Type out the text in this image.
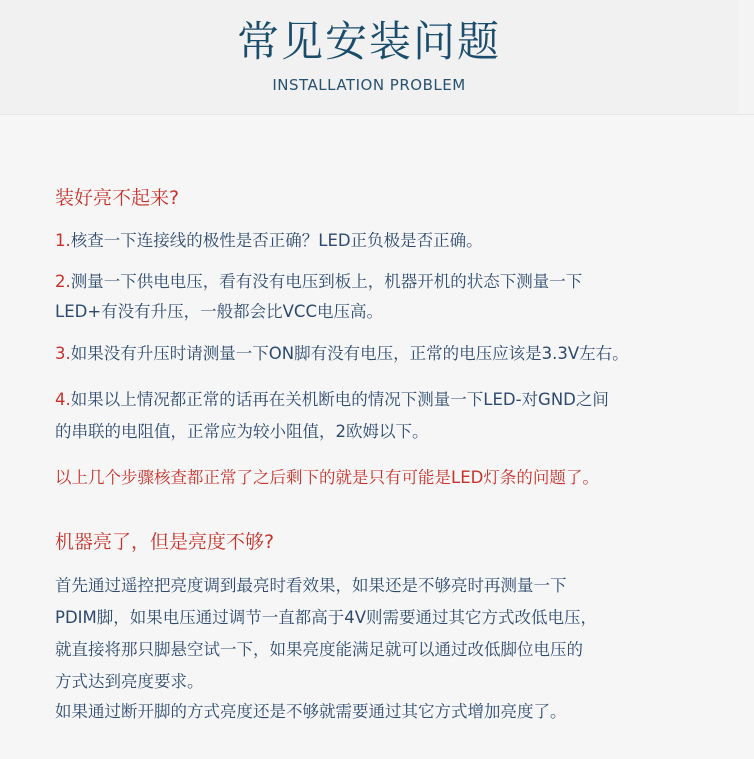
常见安装问题
INSTALLATION PROBLEM
装好亮不起来?
1.核查一下连接线的极性是否正确？LED正负极是否正确。
2.测量一下供电电压，看有没有电压到板上，机器开机的状态下测量一下
LED+有没有升压，一般都会比VCC电压高。
3.如果没有升压时请测量一下ON脚有没有电压，正常的电压应该是3.3V左右。
4.如果以上情况都正常的话再在关机断电的情况下测量一下LED-对GND之间
的串联的电阻值，正常应为较小阻值，2欧姆以下。
以上几个步骤核查都正常了之后剩下的就是只有可能是LED灯条的问题了。
机器亮了，但是亮度不够?
首先通过遥控把亮度调到最亮时看效果，如果还是不够亮时再测量一下
PDIM脚，如果电压通过调节一直都高于4V则需要通过其它方式改低电压，
就直接将那只脚悬空试一下，如果亮度能满足就可以通过改低脚位电压的
方式达到亮度要求。
如果通过断开脚的方式亮度还是不够就需要通过其它方式增加亮度了。
